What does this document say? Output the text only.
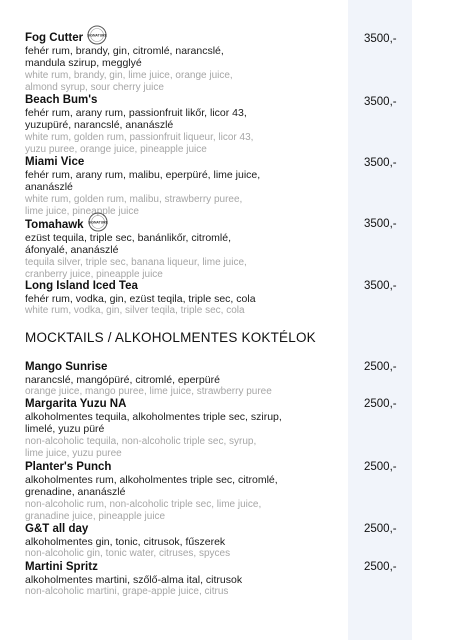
Fog Cutter SIGNATURE
fehér rum, brandy, gin, citromlé, narancslé,
mandula szirup, megglyé
white rum, brandy, gin, lime juice, orange juice,
almond syrup, sour cherry juice
3500,-
Beach Bum's
fehér rum, arany rum, passionfruit likőr, licor 43,
yuzupüré, narancslé, ananászlé
white rum, golden rum, passionfruit liqueur, licor 43,
yuzu puree, orange juice, pineapple juice
3500,-
Miami Vice
fehér rum, arany rum, malibu, eperpüré, lime juice,
ananászlé
white rum, golden rum, malibu, strawberry puree,
lime juice, pineapple juice
3500,-
Tomahawk SIGNATURE
ezüst tequila, triple sec, banánlikőr, citromlé,
áfonyalé, ananászlé
tequila silver, triple sec, banana liqueur, lime juice,
cranberry juice, pineapple juice
3500,-
Long Island Iced Tea
fehér rum, vodka, gin, ezüst teqila, triple sec, cola
white rum, vodka, gin, silver teqila, triple sec, cola
3500,-
MOCKTAILS / ALKOHOLMENTES KOKTÉLOK
Mango Sunrise
narancslé, mangópüré, citromlé, eperpüré
orange juice, mango puree, lime juice, strawberry puree
2500,-
Margarita Yuzu NA
alkoholmentes tequila, alkoholmentes triple sec, szirup,
limelé, yuzu püré
non-alcoholic tequila, non-alcoholic triple sec, syrup,
lime juice, yuzu puree
2500,-
Planter's Punch
alkoholmentes rum, alkoholmentes triple sec, citromlé,
grenadine, ananászlé
non-alcoholic rum, non-alcoholic triple sec, lime juice,
granadine juice, pineapple juice
2500,-
G&T all day
alkoholmentes gin, tonic, citrusok, fűszerek
non-alcoholic gin, tonic water, citruses, spyces
2500,-
Martini Spritz
alkoholmentes martini, szőlő-alma ital, citrusok
non-alcoholic martini, grape-apple juice, citrus
2500,-
